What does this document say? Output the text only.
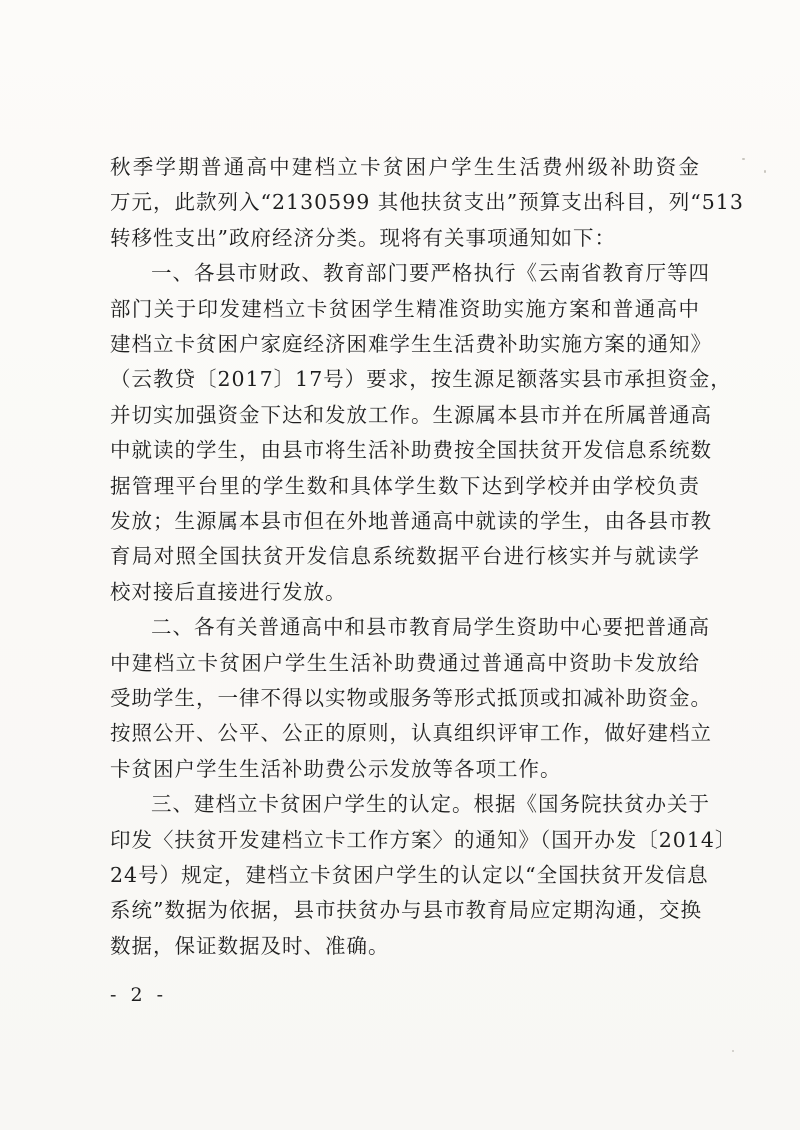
秋季学期普通高中建档立卡贫困户学生生活费州级补助资金
万元，此款列入“2130599 其他扶贫支出”预算支出科目，列“513
转移性支出”政府经济分类。现将有关事项通知如下：
一、各县市财政、教育部门要严格执行《云南省教育厅等四
部门关于印发建档立卡贫困学生精准资助实施方案和普通高中
建档立卡贫困户家庭经济困难学生生活费补助实施方案的通知》
（云教贷〔2017〕17号）要求，按生源足额落实县市承担资金，
并切实加强资金下达和发放工作。生源属本县市并在所属普通高
中就读的学生，由县市将生活补助费按全国扶贫开发信息系统数
据管理平台里的学生数和具体学生数下达到学校并由学校负责
发放；生源属本县市但在外地普通高中就读的学生，由各县市教
育局对照全国扶贫开发信息系统数据平台进行核实并与就读学
校对接后直接进行发放。
二、各有关普通高中和县市教育局学生资助中心要把普通高
中建档立卡贫困户学生生活补助费通过普通高中资助卡发放给
受助学生，一律不得以实物或服务等形式抵顶或扣减补助资金。
按照公开、公平、公正的原则，认真组织评审工作，做好建档立
卡贫困户学生生活补助费公示发放等各项工作。
三、建档立卡贫困户学生的认定。根据《国务院扶贫办关于
印发〈扶贫开发建档立卡工作方案〉的通知》（国开办发〔2014〕
24号）规定，建档立卡贫困户学生的认定以“全国扶贫开发信息
系统”数据为依据，县市扶贫办与县市教育局应定期沟通，交换
数据，保证数据及时、准确。
- 2 -
